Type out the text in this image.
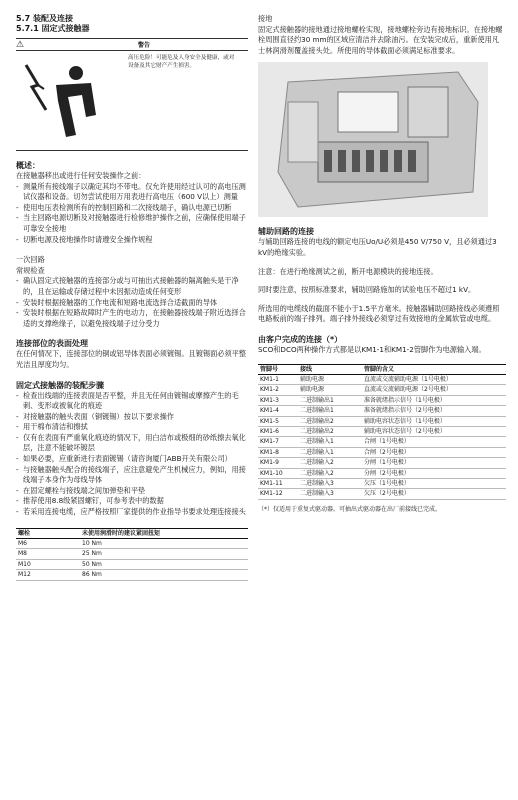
5.7 装配及连接
5.7.1 固定式接触器
⚠	警告
高压危险！可能危及人身安全及健康，或对设备及其它财产产生损害。
概述：
在接触器移出或进行任何安装操作之前：
- 测量所有接线端子以确定其均不带电。仅允许使用经过认可的高电压测试仪器和设备。切勿尝试使用万用表进行高电压（600 V以上）测量
- 使用电压表检测所有的控制回路和二次接线端子，确认电源已切断
- 当主回路电源切断及对接触器进行检修维护操作之前，应确保使用端子可靠安全接地
- 切断电源及接地操作时请遵安全操作规程
一次回路
常规检查
- 确认固定式接触器的连接部分或与可抽出式接触器的隔离触头是干净的，且在运输或存储过程中未因振动造成任何变形
- 安装时根据接触器的工作电流和短路电流选择合适截面的导体
- 安装时根据在短路故障时产生的电动力，在接触器接线端子附近选择合适的支撑绝缘子，以避免接线端子过分受力
连接部位的表面处理
在任何情况下，连接部位的铜或铝导体表面必须镀锡。且镀锡面必须平整光洁且厚度均匀。
固定式接触器的装配步骤
- 检查出线端的连接表面是否平整，并且无任何由镀锡或摩擦产生的毛刺、变形或被氧化的痕迹
- 对接触器的触头表面（铜镀锡）按以下要求操作
- 用干棉布清洁和擦拭
- 仅有在表面有严重氧化痕迹的情况下，用白洁布或极细的砂纸擦去氧化层，注意不能破坏镀层
- 如果必要，应重新进行表面镀锡（请咨询厦门ABB开关有限公司）
- 与接触器触头配合的接线端子，应注意避免产生机械应力，例如，用接线端子本身作为母线导体
- 在固定螺栓与接线端之间加弹垫和平垫
- 推荐使用8.8级紧固螺钉，可参考表中的数据
- 若采用连接电缆，应严格按照厂家提供的作业指导书要求处理连接接头
螺栓	未使用润滑时的建议紧固扭矩
M6	10 Nm
M8	25 Nm
M10	50 Nm
M12	86 Nm
接地
固定式接触器的接地通过接地螺栓实现，接地螺栓旁边有接地标识。在接地螺栓周围直径约30 mm的区域应清洁并去除油污。在安装完成后，重新使用凡士林润滑剂覆盖接头处。所使用的导体截面必须满足标准要求。
辅助回路的连接
与辅助回路连接的电线的额定电压Uo/U必须是450 V/750 V，且必须通过3 kV的绝缘实验。
注意：在进行绝缘测试之前，断开电源模块的接地连接。
同时要注意，按照标准要求，辅助回路施加的试验电压不超过1 kV。
所选用的电缆线的截面不能小于1.5平方毫米。接触器辅助回路接线必须遵照电路板前的端子排列。端子排外接线必须穿过有效接地的金属软管或电缆。
由客户完成的连接（*）
SCO和DCO两种操作方式都是以KM1-1和KM1-2管脚作为电源输入端。
管脚号	接线	管脚的含义
KM1-1	辅助电源	直流或交流辅助电源（1号电极）
KM1-2	辅助电源	直流或交流辅助电源（2号电极）
KM1-3	二进制输出1	准备就绪指示信号（1号电极）
KM1-4	二进制输出1	准备就绪指示信号（2号电极）
KM1-5	二进制输出2	辅助电容状态信号（1号电极）
KM1-6	二进制输出2	辅助电容状态信号（2号电极）
KM1-7	二进制输入1	合闸（1号电极）
KM1-8	二进制输入1	合闸（2号电极）
KM1-9	二进制输入2	分闸（1号电极）
KM1-10	二进制输入2	分闸（2号电极）
KM1-11	二进制输入3	欠压（1号电极）
KM1-12	二进制输入3	欠压（2号电极）
（*）仅适用于重复式驱动器。可抽出式驱动器在出厂前接线已完成。
